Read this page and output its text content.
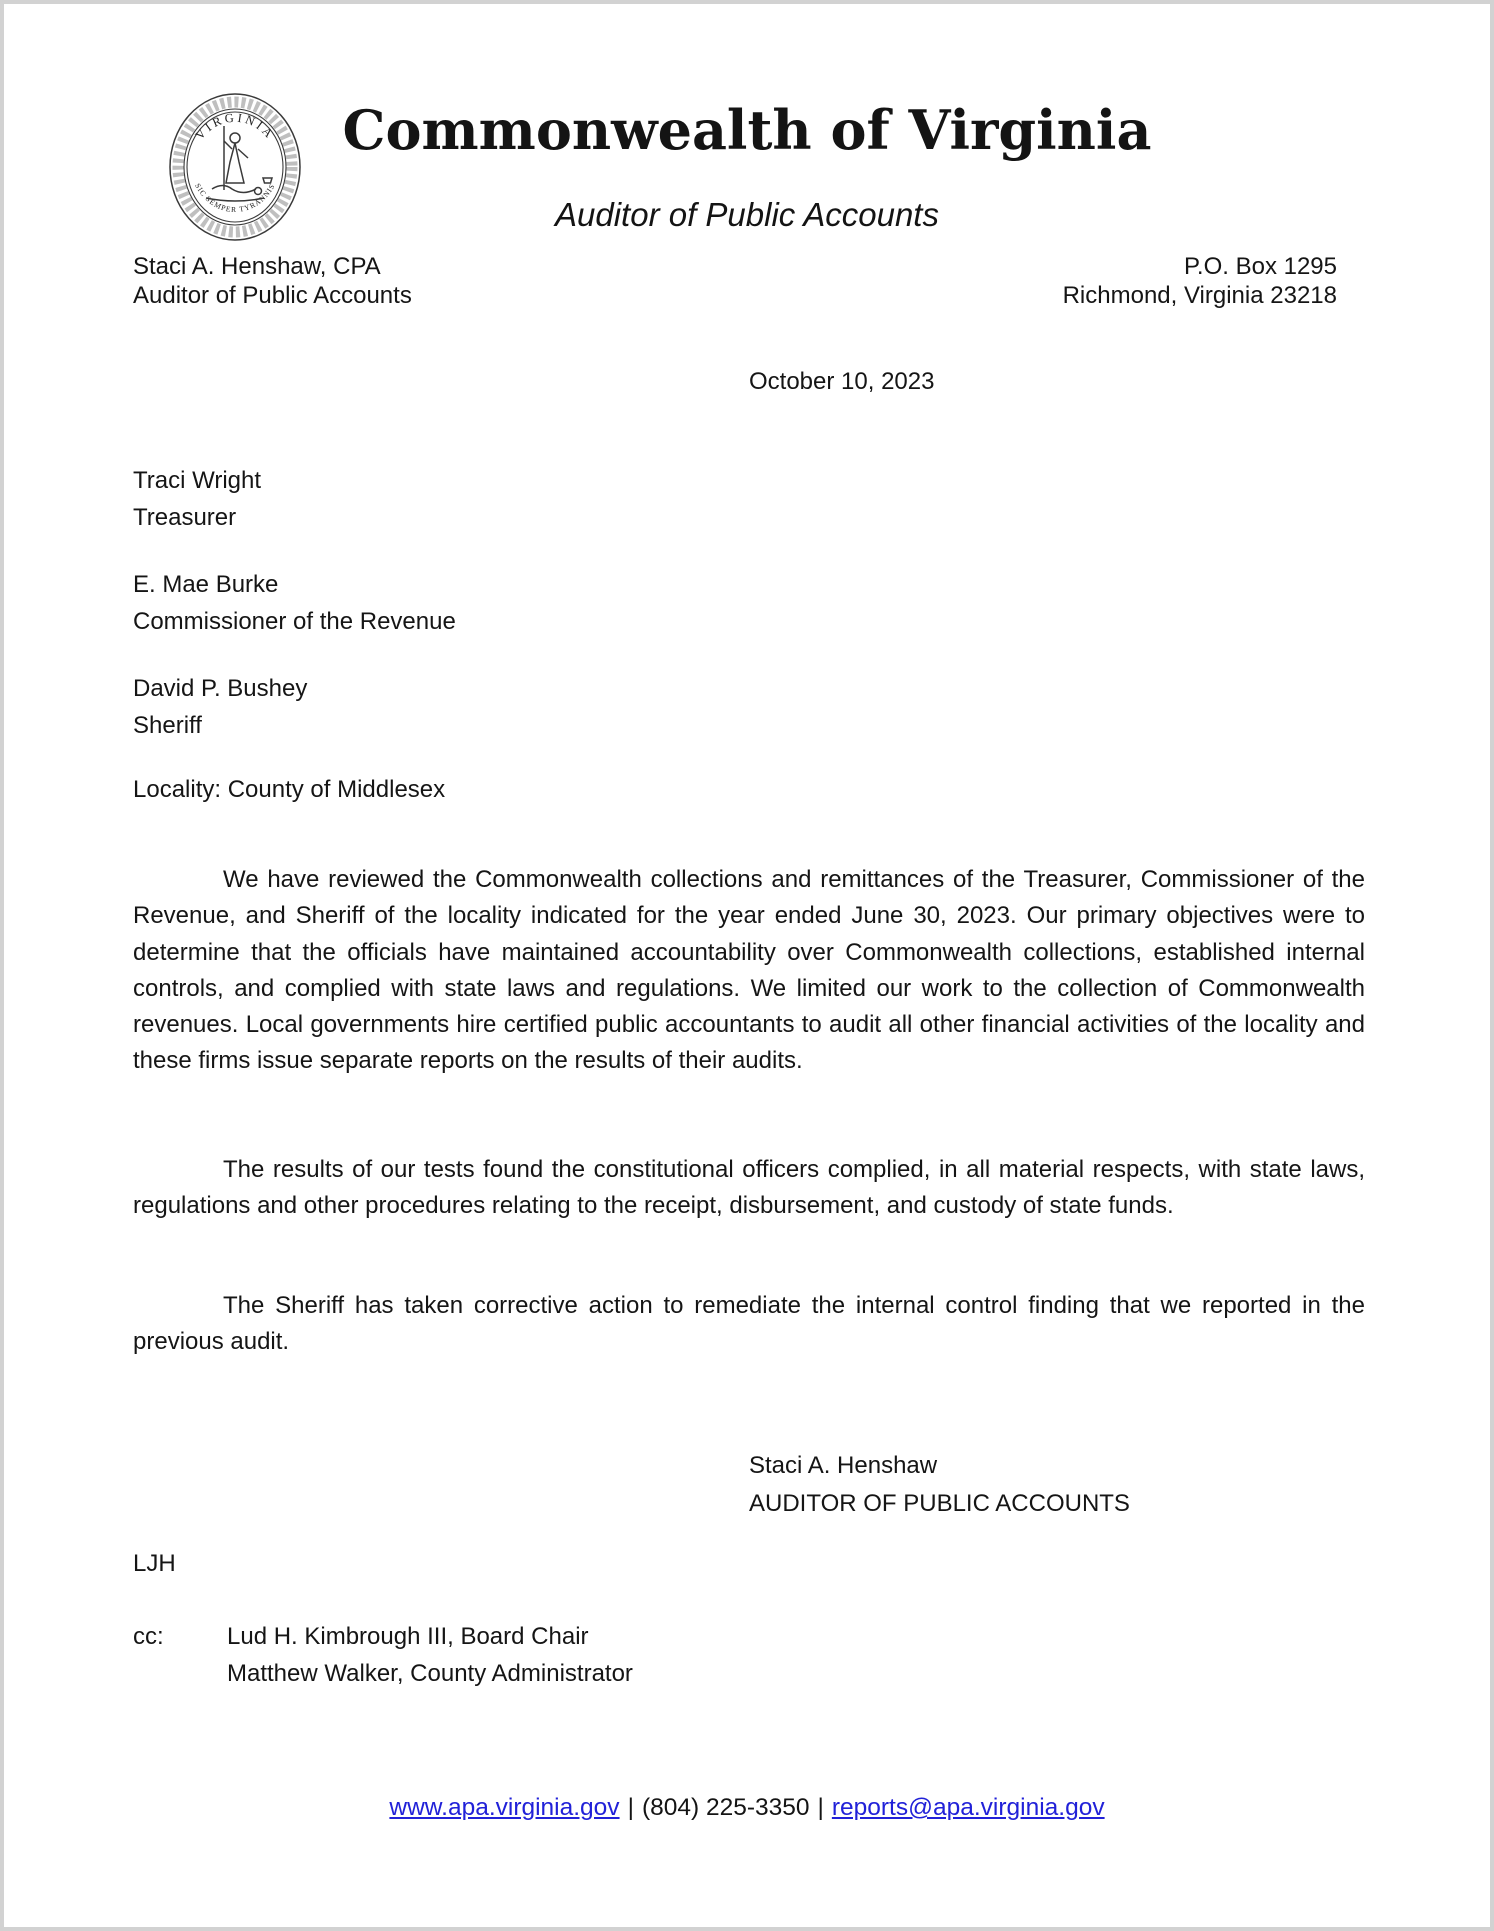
VIRGINIA
SIC SEMPER TYRANNIS
Commonwealth of Virginia
Auditor of Public Accounts
Staci A. Henshaw, CPA
Auditor of Public Accounts
P.O. Box 1295
Richmond, Virginia 23218
October 10, 2023
Traci Wright
Treasurer
E. Mae Burke
Commissioner of the Revenue
David P. Bushey
Sheriff
Locality: County of Middlesex

We have reviewed the Commonwealth collections and remittances of the Treasurer, Commissioner of the Revenue, and Sheriff of the locality indicated for the year ended June 30, 2023. Our primary objectives were to determine that the officials have maintained accountability over Commonwealth collections, established internal controls, and complied with state laws and regulations. We limited our work to the collection of Commonwealth revenues. Local governments hire certified public accountants to audit all other financial activities of the locality and these firms issue separate reports on the results of their audits.

The results of our tests found the constitutional officers complied, in all material respects, with state laws, regulations and other procedures relating to the receipt, disbursement, and custody of state funds.

The Sheriff has taken corrective action to remediate the internal control finding that we reported in the previous audit.

Staci A. Henshaw
AUDITOR OF PUBLIC ACCOUNTS
LJH
cc:	Lud H. Kimbrough III, Board Chair
Matthew Walker, County Administrator
www.apa.virginia.gov | (804) 225-3350 | reports@apa.virginia.gov
